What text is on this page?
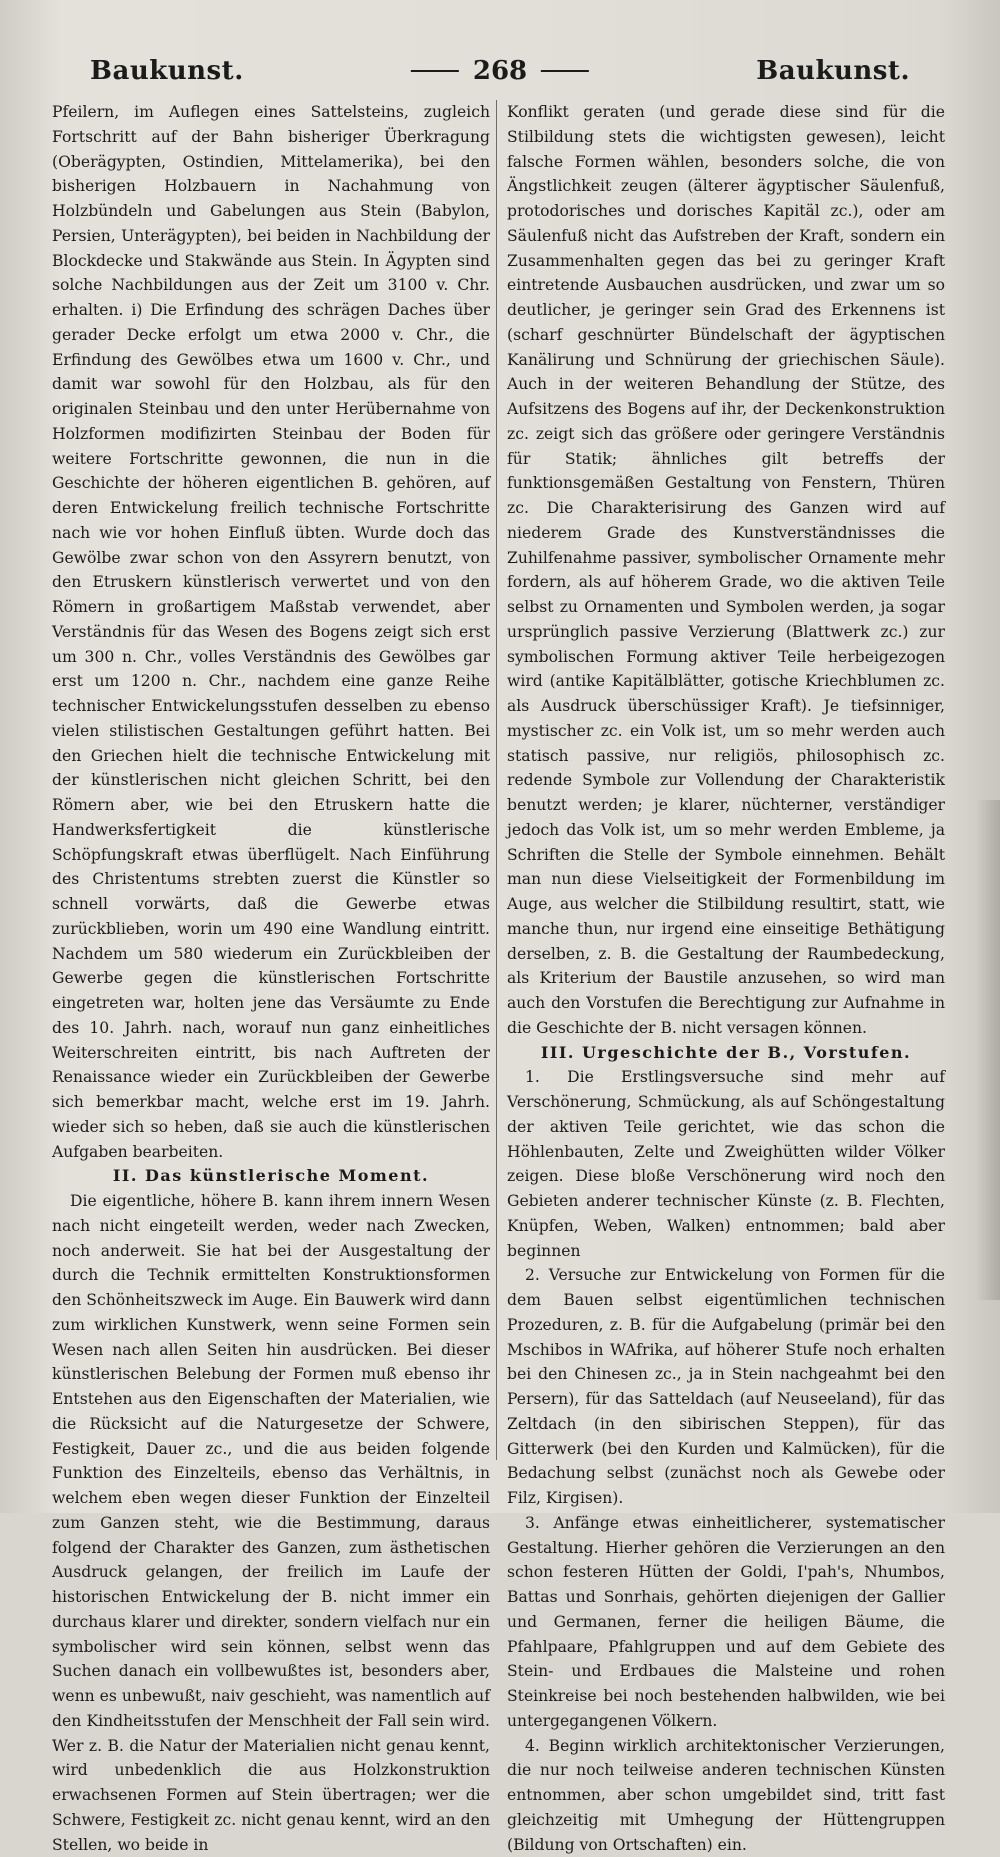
Baukunst.	268	Baukunst.

Pfeilern, im Auflegen eines Sattelsteins, zugleich Fortschritt auf der Bahn bisheriger Überkragung (Oberägypten, Ostindien, Mittelamerika), bei den bisherigen Holzbauern in Nachahmung von Holzbündeln und Gabelungen aus Stein (Babylon, Persien, Unterägypten), bei beiden in Nachbildung der Blockdecke und Stakwände aus Stein. In Ägypten sind solche Nachbildungen aus der Zeit um 3100 v. Chr. erhalten. i) Die Erfindung des schrägen Daches über gerader Decke erfolgt um etwa 2000 v. Chr., die Erfindung des Gewölbes etwa um 1600 v. Chr., und damit war sowohl für den Holzbau, als für den originalen Steinbau und den unter Herübernahme von Holzformen modifizirten Steinbau der Boden für weitere Fortschritte gewonnen, die nun in die Geschichte der höheren eigentlichen B. gehören, auf deren Entwickelung freilich technische Fortschritte nach wie vor hohen Einfluß übten. Wurde doch das Gewölbe zwar schon von den Assyrern benutzt, von den Etruskern künstlerisch verwertet und von den Römern in großartigem Maßstab verwendet, aber Verständnis für das Wesen des Bogens zeigt sich erst um 300 n. Chr., volles Verständnis des Gewölbes gar erst um 1200 n. Chr., nachdem eine ganze Reihe technischer Entwickelungsstufen desselben zu ebenso vielen stilistischen Gestaltungen geführt hatten. Bei den Griechen hielt die technische Entwickelung mit der künstlerischen nicht gleichen Schritt, bei den Römern aber, wie bei den Etruskern hatte die Handwerksfertigkeit die künstlerische Schöpfungskraft etwas überflügelt. Nach Einführung des Christentums strebten zuerst die Künstler so schnell vorwärts, daß die Gewerbe etwas zurückblieben, worin um 490 eine Wandlung eintritt. Nachdem um 580 wiederum ein Zurückbleiben der Gewerbe gegen die künstlerischen Fortschritte eingetreten war, holten jene das Versäumte zu Ende des 10. Jahrh. nach, worauf nun ganz einheitliches Weiterschreiten eintritt, bis nach Auftreten der Renaissance wieder ein Zurückbleiben der Gewerbe sich bemerkbar macht, welche erst im 19. Jahrh. wieder sich so heben, daß sie auch die künstlerischen Aufgaben bearbeiten.

II. Das künstlerische Moment.

Die eigentliche, höhere B. kann ihrem innern Wesen nach nicht eingeteilt werden, weder nach Zwecken, noch anderweit. Sie hat bei der Ausgestaltung der durch die Technik ermittelten Konstruktionsformen den Schönheitszweck im Auge. Ein Bauwerk wird dann zum wirklichen Kunstwerk, wenn seine Formen sein Wesen nach allen Seiten hin ausdrücken. Bei dieser künstlerischen Belebung der Formen muß ebenso ihr Entstehen aus den Eigenschaften der Materialien, wie die Rücksicht auf die Naturgesetze der Schwere, Festigkeit, Dauer zc., und die aus beiden folgende Funktion des Einzelteils, ebenso das Verhältnis, in welchem eben wegen dieser Funktion der Einzelteil zum Ganzen steht, wie die Bestimmung, daraus folgend der Charakter des Ganzen, zum ästhetischen Ausdruck gelangen, der freilich im Laufe der historischen Entwickelung der B. nicht immer ein durchaus klarer und direkter, sondern vielfach nur ein symbolischer wird sein können, selbst wenn das Suchen danach ein vollbewußtes ist, besonders aber, wenn es unbewußt, naiv geschieht, was namentlich auf den Kindheitsstufen der Menschheit der Fall sein wird. Wer z. B. die Natur der Materialien nicht genau kennt, wird unbedenklich die aus Holzkonstruktion erwachsenen Formen auf Stein übertragen; wer die Schwere, Festigkeit zc. nicht genau kennt, wird an den Stellen, wo beide in

Konflikt geraten (und gerade diese sind für die Stilbildung stets die wichtigsten gewesen), leicht falsche Formen wählen, besonders solche, die von Ängstlichkeit zeugen (älterer ägyptischer Säulenfuß, protodorisches und dorisches Kapitäl zc.), oder am Säulenfuß nicht das Aufstreben der Kraft, sondern ein Zusammenhalten gegen das bei zu geringer Kraft eintretende Ausbauchen ausdrücken, und zwar um so deutlicher, je geringer sein Grad des Erkennens ist (scharf geschnürter Bündelschaft der ägyptischen Kanälirung und Schnürung der griechischen Säule). Auch in der weiteren Behandlung der Stütze, des Aufsitzens des Bogens auf ihr, der Deckenkonstruktion zc. zeigt sich das größere oder geringere Verständnis für Statik; ähnliches gilt betreffs der funktionsgemäßen Gestaltung von Fenstern, Thüren zc. Die Charakterisirung des Ganzen wird auf niederem Grade des Kunstverständnisses die Zuhilfenahme passiver, symbolischer Ornamente mehr fordern, als auf höherem Grade, wo die aktiven Teile selbst zu Ornamenten und Symbolen werden, ja sogar ursprünglich passive Verzierung (Blattwerk zc.) zur symbolischen Formung aktiver Teile herbeigezogen wird (antike Kapitälblätter, gotische Kriechblumen zc. als Ausdruck überschüssiger Kraft). Je tiefsinniger, mystischer zc. ein Volk ist, um so mehr werden auch statisch passive, nur religiös, philosophisch zc. redende Symbole zur Vollendung der Charakteristik benutzt werden; je klarer, nüchterner, verständiger jedoch das Volk ist, um so mehr werden Embleme, ja Schriften die Stelle der Symbole einnehmen. Behält man nun diese Vielseitigkeit der Formenbildung im Auge, aus welcher die Stilbildung resultirt, statt, wie manche thun, nur irgend eine einseitige Bethätigung derselben, z. B. die Gestaltung der Raumbedeckung, als Kriterium der Baustile anzusehen, so wird man auch den Vorstufen die Berechtigung zur Aufnahme in die Geschichte der B. nicht versagen können.

III. Urgeschichte der B., Vorstufen.

1. Die Erstlingsversuche sind mehr auf Verschönerung, Schmückung, als auf Schöngestaltung der aktiven Teile gerichtet, wie das schon die Höhlenbauten, Zelte und Zweighütten wilder Völker zeigen. Diese bloße Verschönerung wird noch den Gebieten anderer technischer Künste (z. B. Flechten, Knüpfen, Weben, Walken) entnommen; bald aber beginnen

2. Versuche zur Entwickelung von Formen für die dem Bauen selbst eigentümlichen technischen Prozeduren, z. B. für die Aufgabelung (primär bei den Mschibos in WAfrika, auf höherer Stufe noch erhalten bei den Chinesen zc., ja in Stein nachgeahmt bei den Persern), für das Satteldach (auf Neuseeland), für das Zeltdach (in den sibirischen Steppen), für das Gitterwerk (bei den Kurden und Kalmücken), für die Bedachung selbst (zunächst noch als Gewebe oder Filz, Kirgisen).

3. Anfänge etwas einheitlicherer, systematischer Gestaltung. Hierher gehören die Verzierungen an den schon festeren Hütten der Goldi, I'pah's, Nhumbos, Battas und Sonrhais, gehörten diejenigen der Gallier und Germanen, ferner die heiligen Bäume, die Pfahlpaare, Pfahlgruppen und auf dem Gebiete des Stein- und Erdbaues die Malsteine und rohen Steinkreise bei noch bestehenden halbwilden, wie bei untergegangenen Völkern.

4. Beginn wirklich architektonischer Verzierungen, die nur noch teilweise anderen technischen Künsten entnommen, aber schon umgebildet sind, tritt fast gleichzeitig mit Umhegung der Hüttengruppen (Bildung von Ortschaften) ein.
